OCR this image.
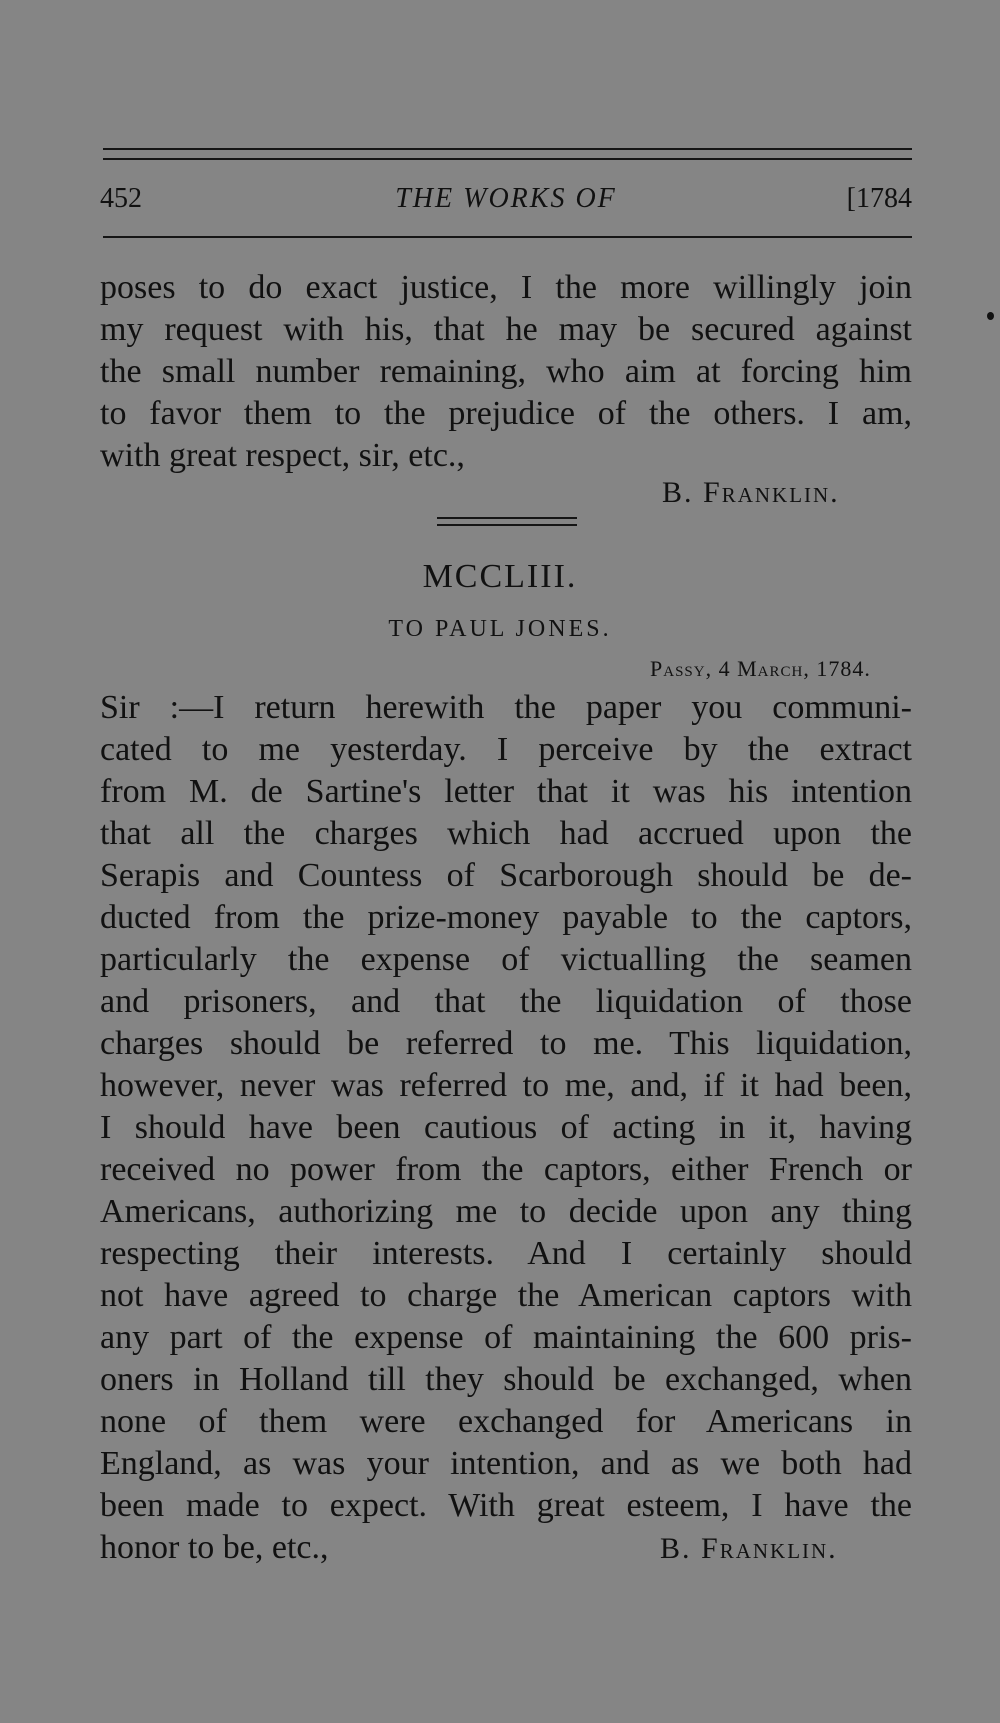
452	THE WORKS OF	[1784
poses to do exact justice, I the more willingly join
my request with his, that he may be secured against
the small number remaining, who aim at forcing him
to favor them to the prejudice of the others. I am,
with great respect, sir, etc.,
B. Franklin.
MCCLIII.
TO PAUL JONES.
Passy, 4 March, 1784.
Sir :—I return herewith the paper you communi-
cated to me yesterday. I perceive by the extract
from M. de Sartine's letter that it was his intention
that all the charges which had accrued upon the
Serapis and Countess of Scarborough should be de-
ducted from the prize-money payable to the captors,
particularly the expense of victualling the seamen
and prisoners, and that the liquidation of those
charges should be referred to me. This liquidation,
however, never was referred to me, and, if it had been,
I should have been cautious of acting in it, having
received no power from the captors, either French or
Americans, authorizing me to decide upon any thing
respecting their interests. And I certainly should
not have agreed to charge the American captors with
any part of the expense of maintaining the 600 pris-
oners in Holland till they should be exchanged, when
none of them were exchanged for Americans in
England, as was your intention, and as we both had
been made to expect. With great esteem, I have the
honor to be, etc.,	B. Franklin.
